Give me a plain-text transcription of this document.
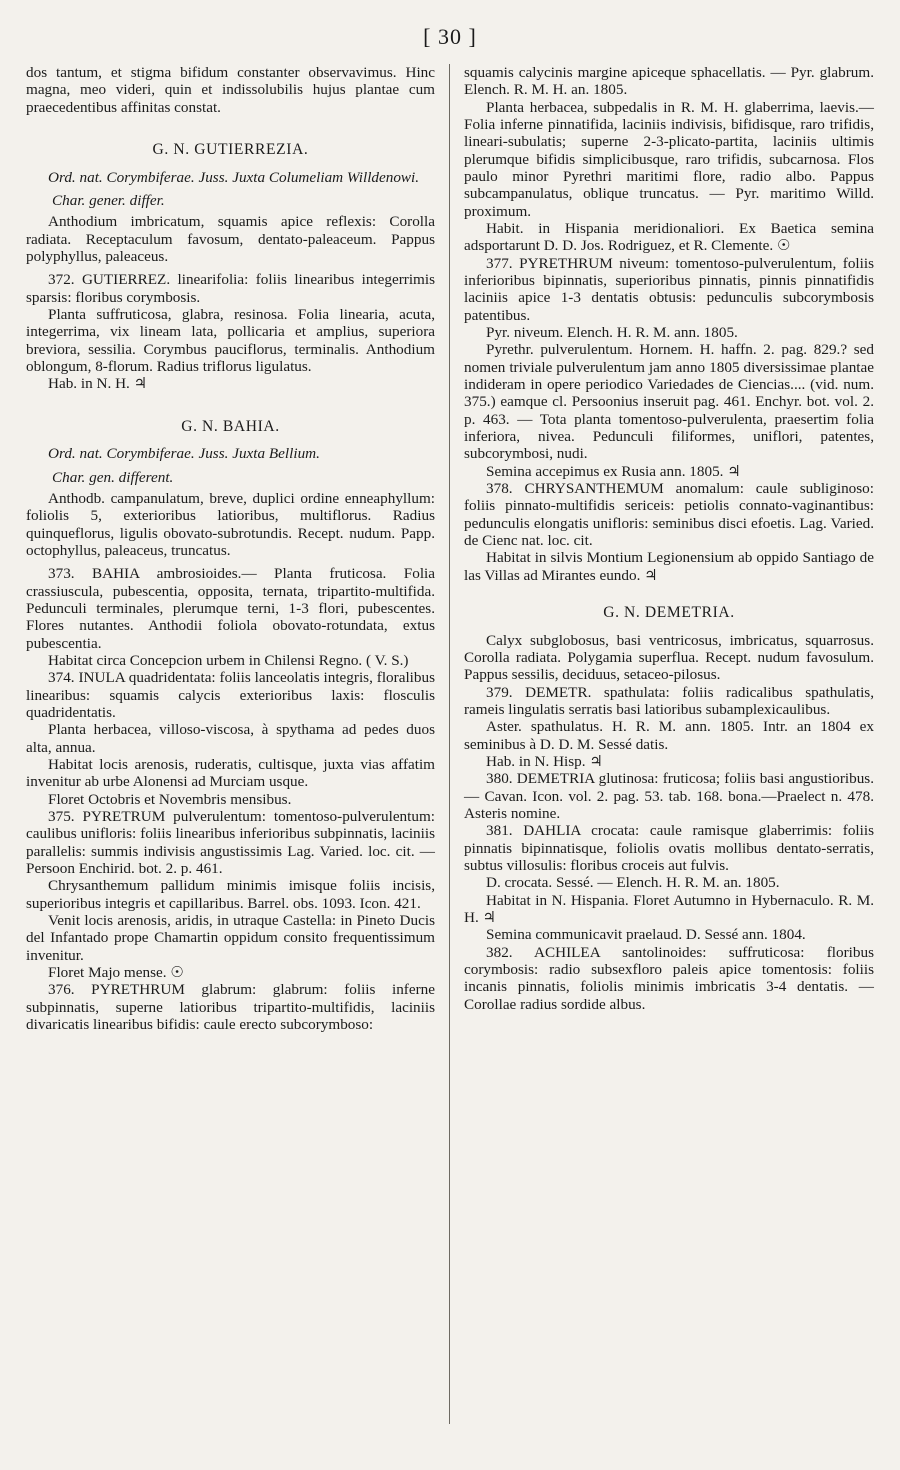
[ 30 ]

dos tantum, et stigma bifidum constanter observavimus. Hinc magna, meo videri, quin et indissolubilis hujus plantae cum praecedentibus affinitas constat.

G. N. GUTIERREZIA.

Ord. nat. Corymbiferae. Juss. Juxta Columeliam Willdenowi.

Char. gener. differ.

Anthodium imbricatum, squamis apice reflexis: Corolla radiata. Receptaculum favosum, dentato-paleaceum. Pappus polyphyllus, paleaceus.

372. GUTIERREZ. linearifolia: foliis linearibus integerrimis sparsis: floribus corymbosis.

Planta suffruticosa, glabra, resinosa. Folia linearia, acuta, integerrima, vix lineam lata, pollicaria et amplius, superiora breviora, sessilia. Corymbus pauciflorus, terminalis. Anthodium oblongum, 8-florum. Radius triflorus ligulatus.

Hab. in N. H. ♃

G. N. BAHIA.

Ord. nat. Corymbiferae. Juss. Juxta Bellium.

Char. gen. different.

Anthodb. campanulatum, breve, duplici ordine enneaphyllum: foliolis 5, exterioribus latioribus, multiflorus. Radius quinqueflorus, ligulis obovato-subrotundis. Recept. nudum. Papp. octophyllus, paleaceus, truncatus.

373. BAHIA ambrosioides.— Planta fruticosa. Folia crassiuscula, pubescentia, opposita, ternata, tripartito-multifida. Pedunculi terminales, plerumque terni, 1-3 flori, pubescentes. Flores nutantes. Anthodii foliola obovato-rotundata, extus pubescentia.

Habitat circa Concepcion urbem in Chilensi Regno. ( V. S.)

374. INULA quadridentata: foliis lanceolatis integris, floralibus linearibus: squamis calycis exterioribus laxis: flosculis quadridentatis.

Planta herbacea, villoso-viscosa, à spythama ad pedes duos alta, annua.

Habitat locis arenosis, ruderatis, cultisque, juxta vias affatim invenitur ab urbe Alonensi ad Murciam usque.

Floret Octobris et Novembris mensibus.

375. PYRETRUM pulverulentum: tomentoso-pulverulentum: caulibus unifloris: foliis linearibus inferioribus subpinnatis, laciniis parallelis: summis indivisis angustissimis Lag. Varied. loc. cit. — Persoon Enchirid. bot. 2. p. 461.

Chrysanthemum pallidum minimis imisque foliis incisis, superioribus integris et capillaribus. Barrel. obs. 1093. Icon. 421.

Venit locis arenosis, aridis, in utraque Castella: in Pineto Ducis del Infantado prope Chamartin oppidum consito frequentissimum invenitur.

Floret Majo mense. ☉

376. PYRETHRUM glabrum: glabrum: foliis inferne subpinnatis, superne latioribus tripartito-multifidis, laciniis divaricatis linearibus bifidis: caule erecto subcorymboso:

squamis calycinis margine apiceque sphacellatis. — Pyr. glabrum. Elench. R. M. H. an. 1805.

Planta herbacea, subpedalis in R. M. H. glaberrima, laevis.— Folia inferne pinnatifida, laciniis indivisis, bifidisque, raro trifidis, lineari-subulatis; superne 2-3-plicato-partita, laciniis ultimis plerumque bifidis simplicibusque, raro trifidis, subcarnosa. Flos paulo minor Pyrethri maritimi flore, radio albo. Pappus subcampanulatus, oblique truncatus. — Pyr. maritimo Willd. proximum.

Habit. in Hispania meridionaliori. Ex Baetica semina adsportarunt D. D. Jos. Rodriguez, et R. Clemente. ☉

377. PYRETHRUM niveum: tomentoso-pulverulentum, foliis inferioribus bipinnatis, superioribus pinnatis, pinnis pinnatifidis laciniis apice 1-3 dentatis obtusis: pedunculis subcorymbosis patentibus.

Pyr. niveum. Elench. H. R. M. ann. 1805.

Pyrethr. pulverulentum. Hornem. H. haffn. 2. pag. 829.? sed nomen triviale pulverulentum jam anno 1805 diversissimae plantae indideram in opere periodico Variedades de Ciencias.... (vid. num. 375.) eamque cl. Persoonius inseruit pag. 461. Enchyr. bot. vol. 2. p. 463. — Tota planta tomentoso-pulverulenta, praesertim folia inferiora, nivea. Pedunculi filiformes, uniflori, patentes, subcorymbosi, nudi.

Semina accepimus ex Rusia ann. 1805. ♃

378. CHRYSANTHEMUM anomalum: caule subliginoso: foliis pinnato-multifidis sericeis: petiolis connato-vaginantibus: pedunculis elongatis unifloris: seminibus disci efoetis. Lag. Varied. de Cienc nat. loc. cit.

Habitat in silvis Montium Legionensium ab oppido Santiago de las Villas ad Mirantes eundo. ♃

G. N. DEMETRIA.

Calyx subglobosus, basi ventricosus, imbricatus, squarrosus. Corolla radiata. Polygamia superflua. Recept. nudum favosulum. Pappus sessilis, deciduus, setaceo-pilosus.

379. DEMETR. spathulata: foliis radicalibus spathulatis, rameis lingulatis serratis basi latioribus subamplexicaulibus.

Aster. spathulatus. H. R. M. ann. 1805. Intr. an 1804 ex seminibus à D. D. M. Sessé datis.

Hab. in N. Hisp. ♃

380. DEMETRIA glutinosa: fruticosa; foliis basi angustioribus. — Cavan. Icon. vol. 2. pag. 53. tab. 168. bona.—Praelect n. 478. Asteris nomine.

381. DAHLIA crocata: caule ramisque glaberrimis: foliis pinnatis bipinnatisque, foliolis ovatis mollibus dentato-serratis, subtus villosulis: floribus croceis aut fulvis.

D. crocata. Sessé. — Elench. H. R. M. an. 1805.

Habitat in N. Hispania. Floret Autumno in Hybernaculo. R. M. H. ♃

Semina communicavit praelaud. D. Sessé ann. 1804.

382. ACHILEA santolinoides: suffruticosa: floribus corymbosis: radio subsexfloro paleis apice tomentosis: foliis incanis pinnatis, foliolis minimis imbricatis 3-4 dentatis. — Corollae radius sordide albus.
